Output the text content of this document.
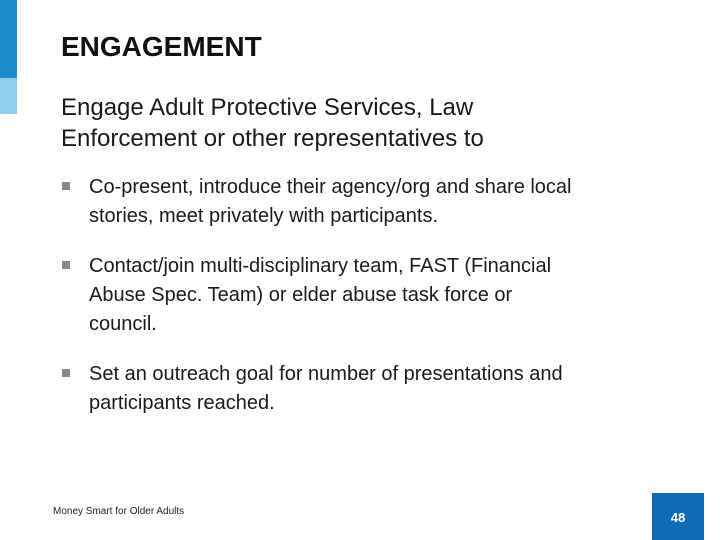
ENGAGEMENT

Engage Adult Protective Services, Law
Enforcement or other representatives to

Co-present, introduce their agency/org and share local
stories, meet privately with participants.
Contact/join multi-disciplinary team, FAST (Financial
Abuse Spec. Team) or elder abuse task force or
council.
Set an outreach goal for number of presentations and
participants reached.
Money Smart for Older Adults	48
